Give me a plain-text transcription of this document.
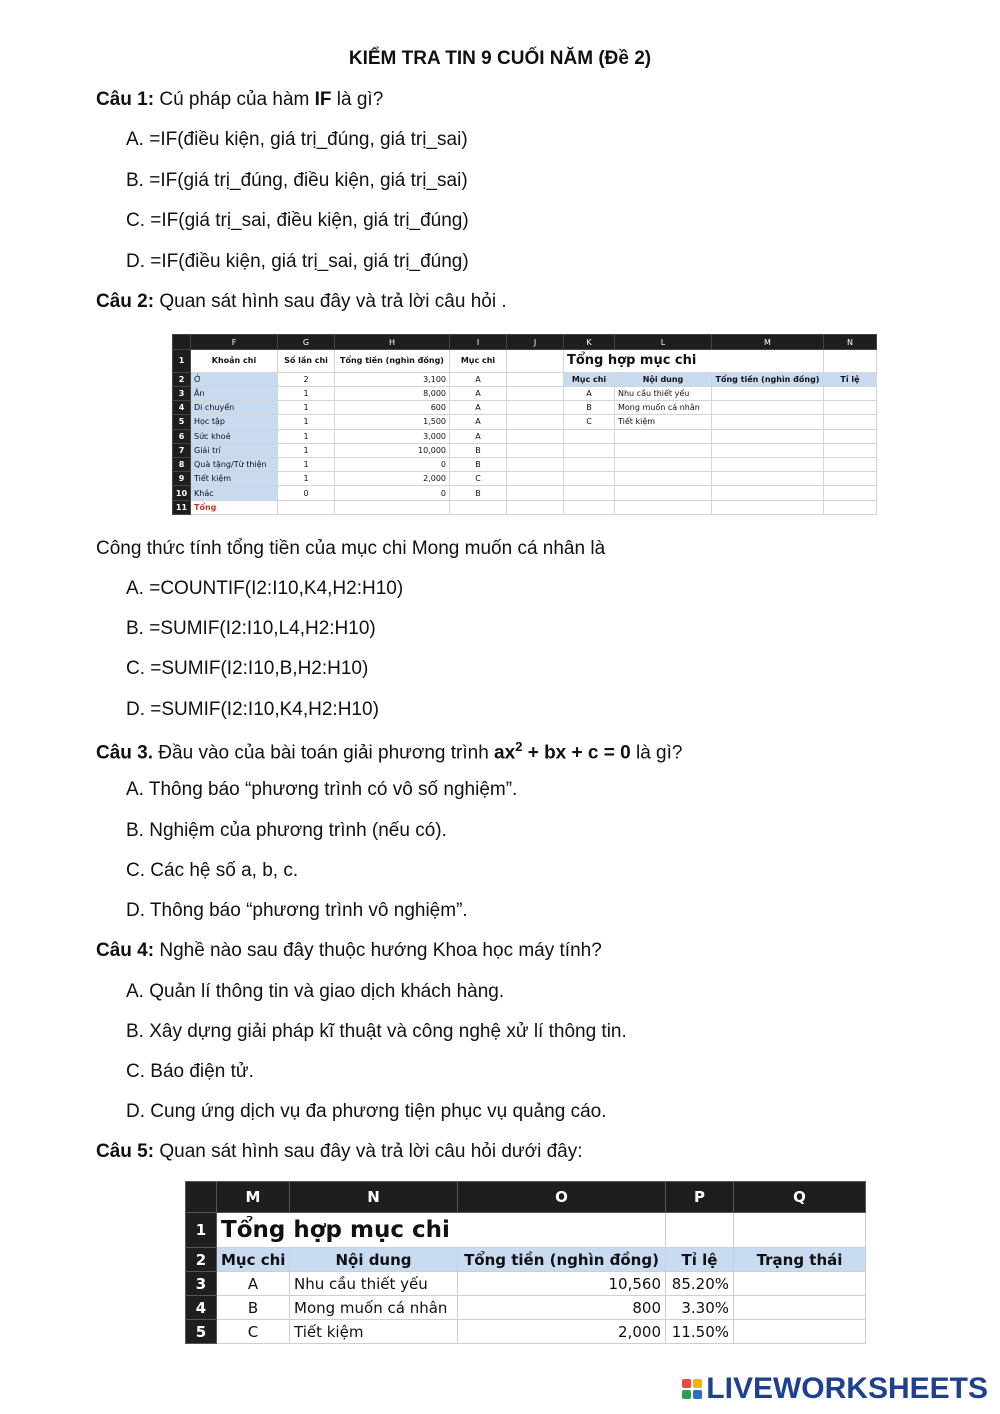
KIỂM TRA TIN 9 CUỐI NĂM (Đề 2)
Câu 1: Cú pháp của hàm IF là gì?
A. =IF(điều kiện, giá trị_đúng, giá trị_sai)
B. =IF(giá trị_đúng, điều kiện, giá trị_sai)
C. =IF(giá trị_sai, điều kiện, giá trị_đúng)
D. =IF(điều kiện, giá trị_sai, giá trị_đúng)
Câu 2: Quan sát hình sau đây và trả lời câu hỏi .
	F	G	H	I	J	K	L	M	N
1	Khoản chi	Số lần chi	Tổng tiền (nghìn đồng)	Mục chi		Tổng hợp mục chi			
2	Ở	2	3,100	A		Mục chi	Nội dung	Tổng tiền (nghìn đồng)	Tỉ lệ
3	Ăn	1	8,000	A		A	Nhu cầu thiết yếu		
4	Di chuyển	1	600	A		B	Mong muốn cá nhân		
5	Học tập	1	1,500	A		C	Tiết kiệm		
6	Sức khoẻ	1	3,000	A					
7	Giải trí	1	10,000	B					
8	Quà tặng/Từ thiện	1	0	B					
9	Tiết kiệm	1	2,000	C					
10	Khác	0	0	B					
11	Tổng								
Công thức tính tổng tiền của mục chi Mong muốn cá nhân là
A. =COUNTIF(I2:I10,K4,H2:H10)
B. =SUMIF(I2:I10,L4,H2:H10)
C. =SUMIF(I2:I10,B,H2:H10)
D. =SUMIF(I2:I10,K4,H2:H10)
Câu 3. Đầu vào của bài toán giải phương trình $ax^2$ + bx + c = 0 là gì?
A. Thông báo “phương trình có vô số nghiệm”.
B. Nghiệm của phương trình (nếu có).
C. Các hệ số a, b, c.
D. Thông báo “phương trình vô nghiệm”.
Câu 4: Nghề nào sau đây thuộc hướng Khoa học máy tính?
A. Quản lí thông tin và giao dịch khách hàng.
B. Xây dựng giải pháp kĩ thuật và công nghệ xử lí thông tin.
C. Báo điện tử.
D. Cung ứng dịch vụ đa phương tiện phục vụ quảng cáo.
Câu 5: Quan sát hình sau đây và trả lời câu hỏi dưới đây:
	M	N	O	P	Q
1	Tổng hợp mục chi				
2	Mục chi	Nội dung	Tổng tiền (nghìn đồng)	Tỉ lệ	Trạng thái
3	A	Nhu cầu thiết yếu	10,560	85.20%	
4	B	Mong muốn cá nhân	800	3.30%	
5	C	Tiết kiệm	2,000	11.50%	
LIVEWORKSHEETS
